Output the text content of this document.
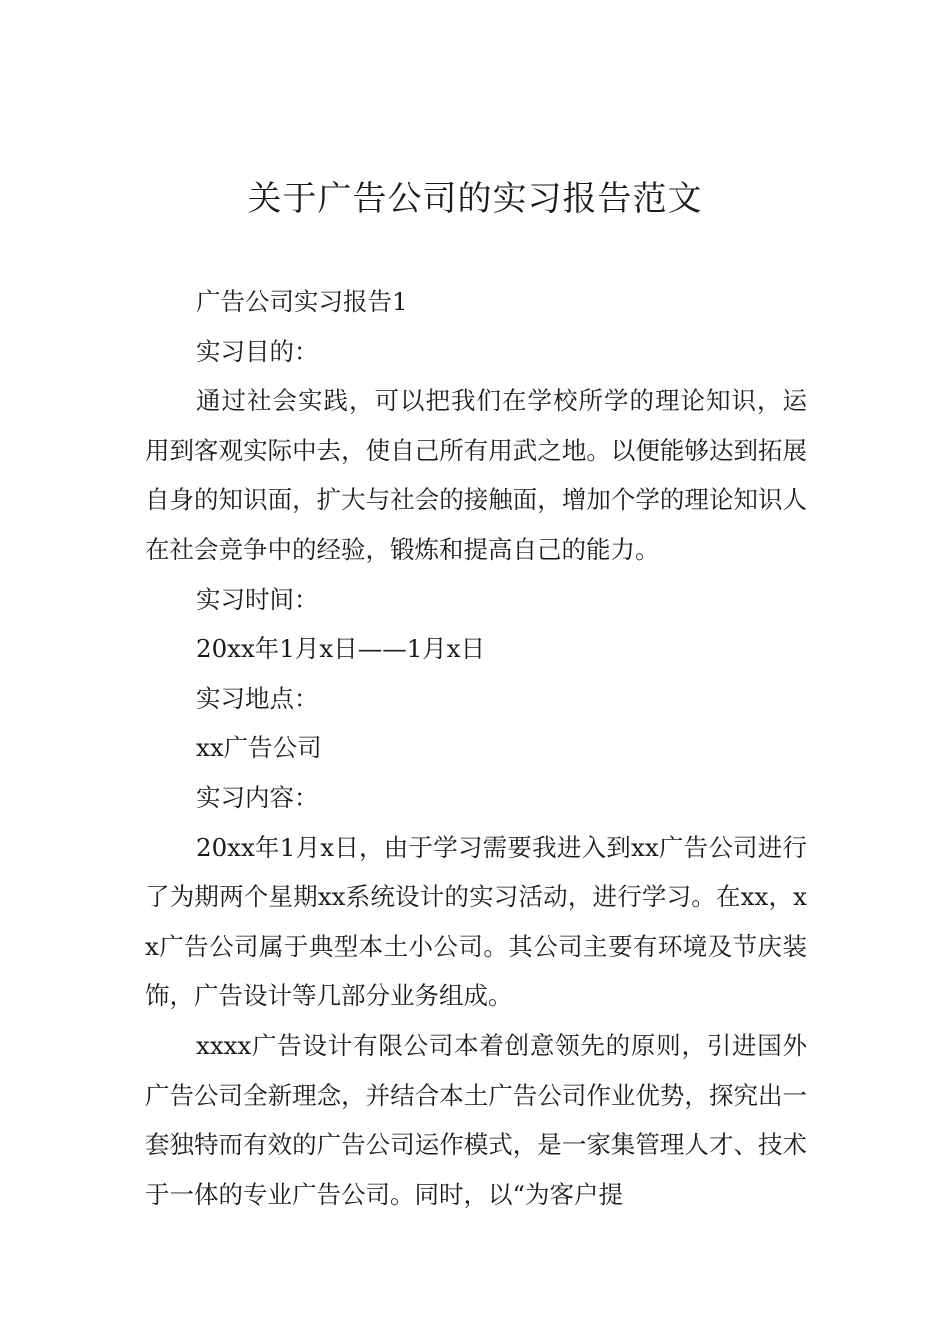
关于广告公司的实习报告范文

广告公司实习报告1

实习目的：

通过社会实践，可以把我们在学校所学的理论知识，运用到客观实际中去，使自己所有用武之地。以便能够达到拓展自身的知识面，扩大与社会的接触面，增加个学的理论知识人在社会竞争中的经验，锻炼和提高自己的能力。

实习时间：

20xx年1月x日——1月x日

实习地点：

xx广告公司

实习内容：

20xx年1月x日，由于学习需要我进入到xx广告公司进行了为期两个星期xx系统设计的实习活动，进行学习。在xx，xx广告公司属于典型本土小公司。其公司主要有环境及节庆装饰，广告设计等几部分业务组成。

xxxx广告设计有限公司本着创意领先的原则，引进国外广告公司全新理念，并结合本土广告公司作业优势，探究出一套独特而有效的广告公司运作模式，是一家集管理人才、技术于一体的专业广告公司。同时，以“为客户提
